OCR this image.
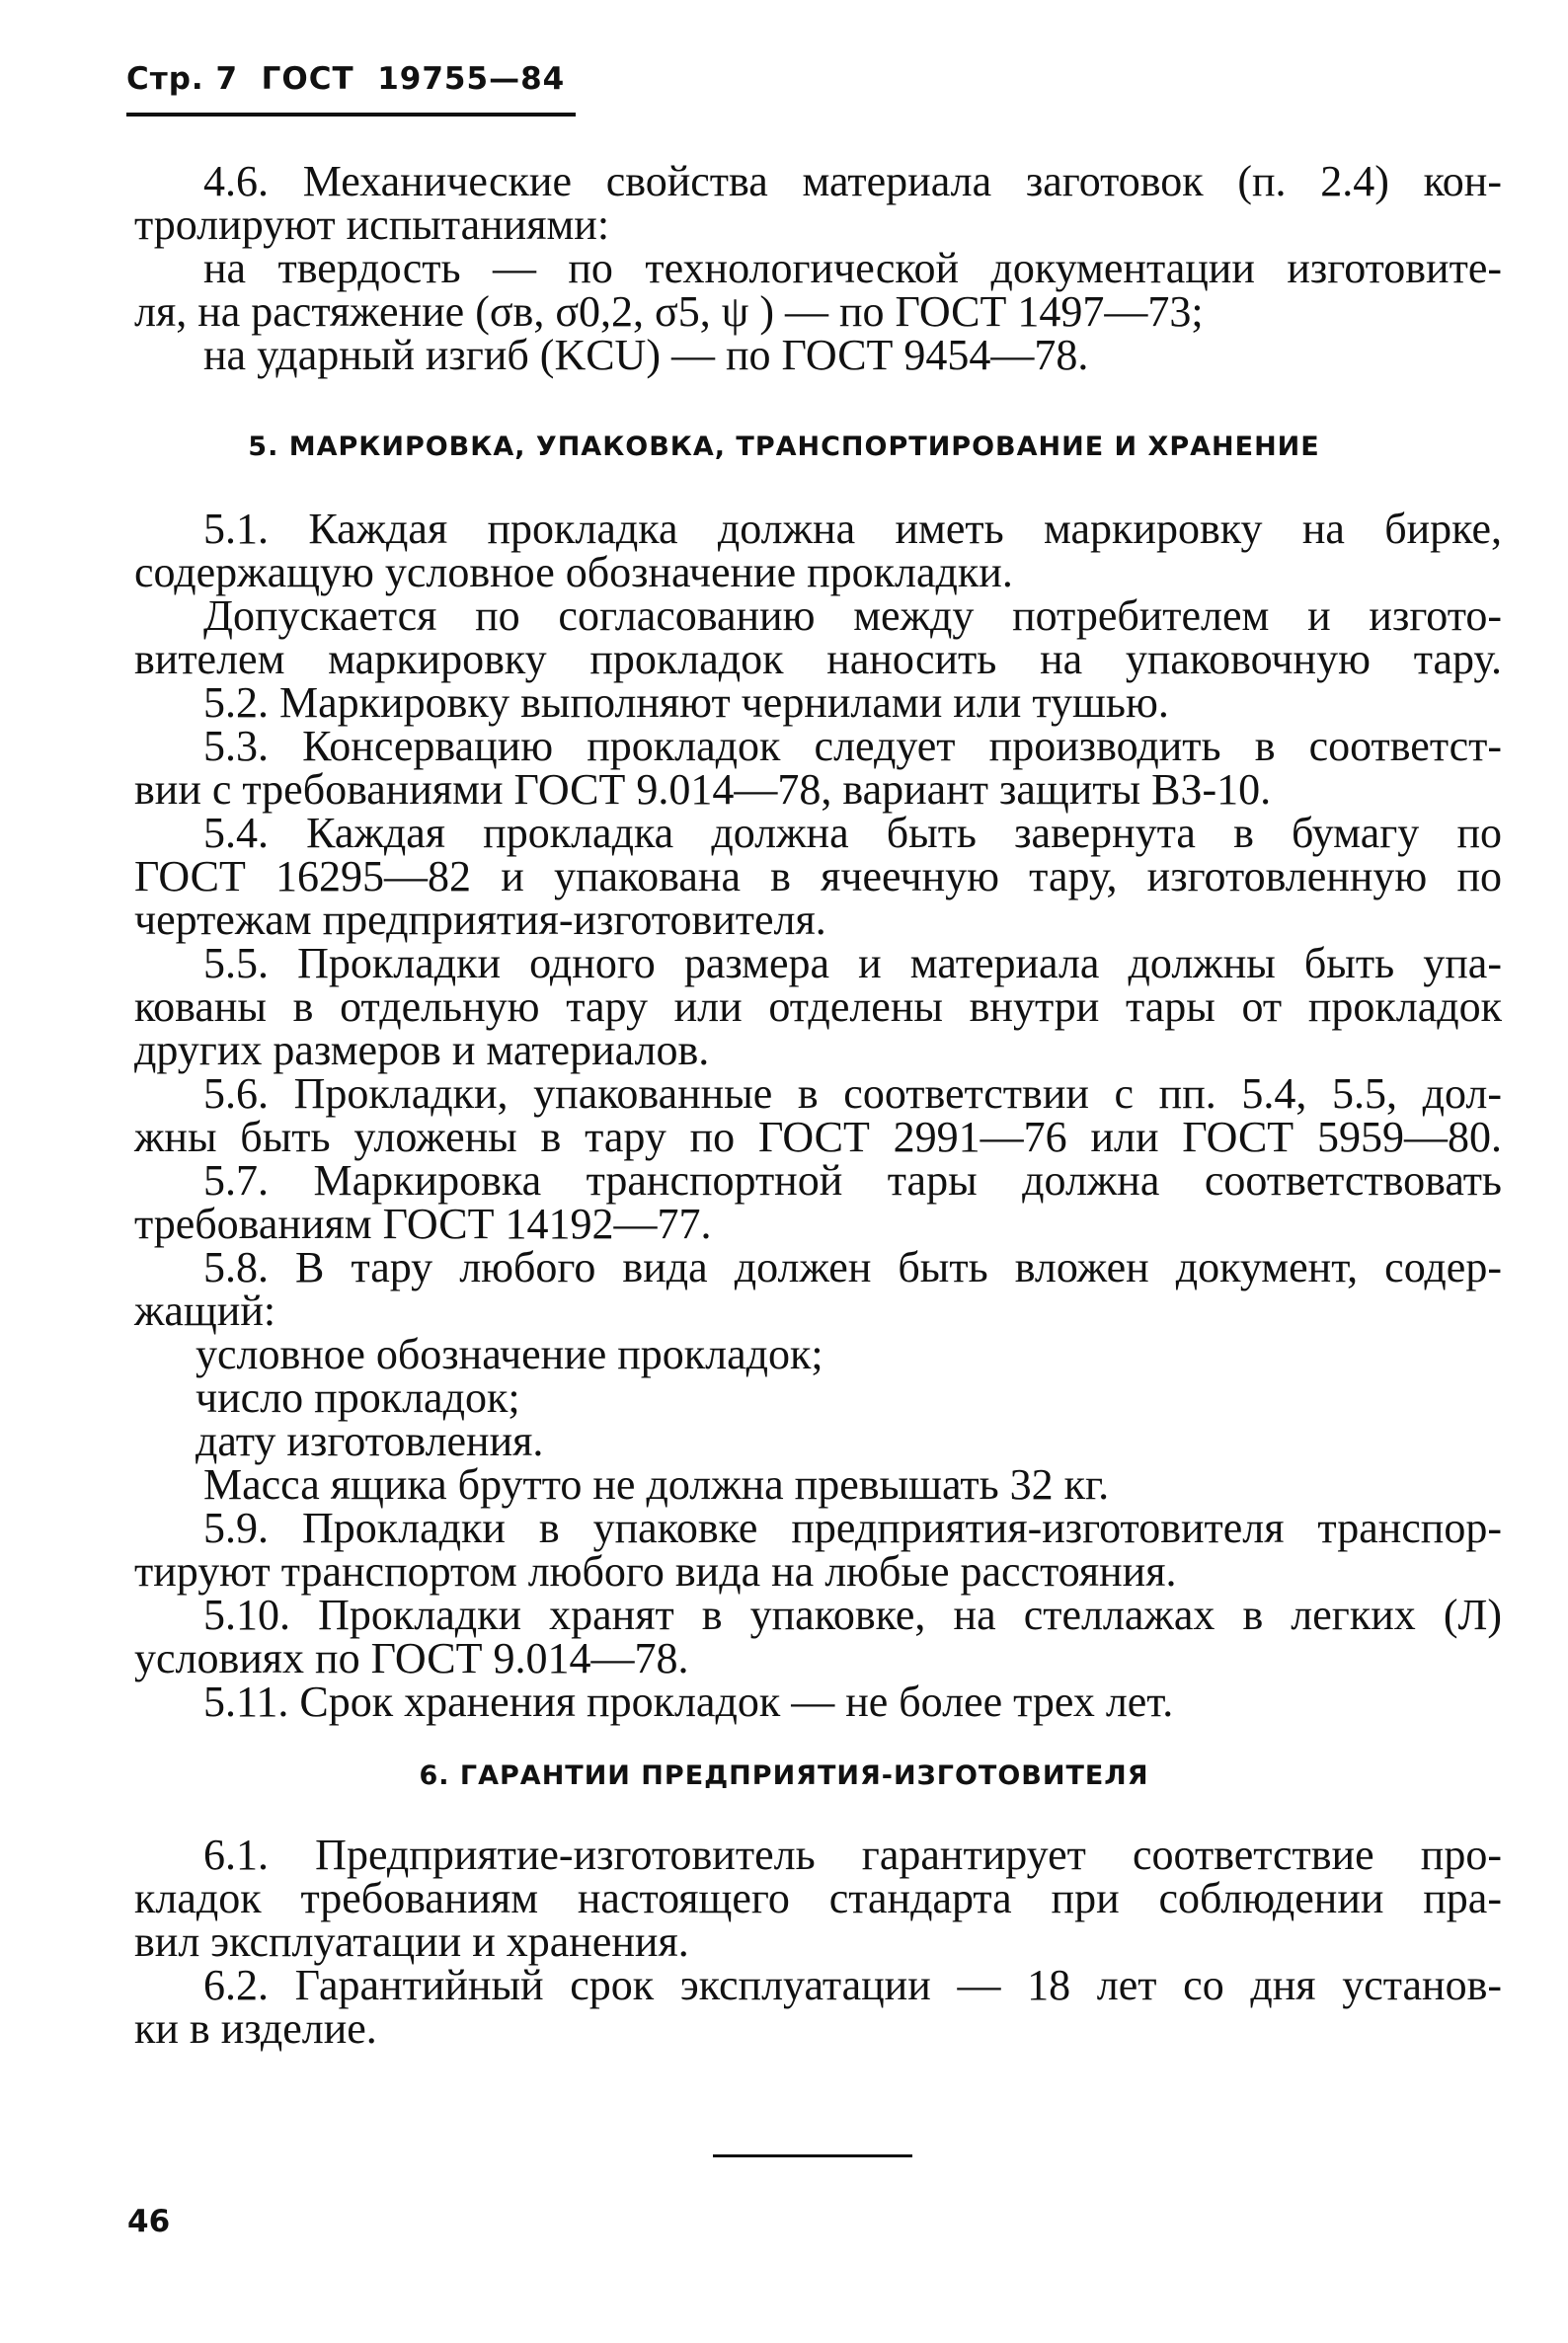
Стр. 7  ГОСТ  19755—84
4.6. Механические свойства материала заготовок (п. 2.4) кон-
тролируют испытаниями:
на твердость — по технологической документации изготовите-
ля, на растяжение (σв, σ0,2, σ5, ψ ) — по ГОСТ 1497—73;
на ударный изгиб (KCU) — по ГОСТ 9454—78.
5. МАРКИРОВКА, УПАКОВКА, ТРАНСПОРТИРОВАНИЕ И ХРАНЕНИЕ
5.1. Каждая прокладка должна иметь маркировку на бирке,
содержащую условное обозначение прокладки.
Допускается по согласованию между потребителем и изгото-
вителем маркировку прокладок наносить на упаковочную тару.
5.2. Маркировку выполняют чернилами или тушью.
5.3. Консервацию прокладок следует производить в соответст-
вии с требованиями ГОСТ 9.014—78, вариант защиты ВЗ-10.
5.4. Каждая прокладка должна быть завернута в бумагу по
ГОСТ 16295—82 и упакована в ячеечную тару, изготовленную по
чертежам предприятия-изготовителя.
5.5. Прокладки одного размера и материала должны быть упа-
кованы в отдельную тару или отделены внутри тары от прокладок
других размеров и материалов.
5.6. Прокладки, упакованные в соответствии с пп. 5.4, 5.5, дол-
жны быть уложены в тару по ГОСТ 2991—76 или ГОСТ 5959—80.
5.7. Маркировка транспортной тары должна соответствовать
требованиям ГОСТ 14192—77.
5.8. В тару любого вида должен быть вложен документ, содер-
жащий:
условное обозначение прокладок;
число прокладок;
дату изготовления.
Масса ящика брутто не должна превышать 32 кг.
5.9. Прокладки в упаковке предприятия-изготовителя транспор-
тируют транспортом любого вида на любые расстояния.
5.10. Прокладки хранят в упаковке, на стеллажах в легких (Л)
условиях по ГОСТ 9.014—78.
5.11. Срок хранения прокладок — не более трех лет.
6. ГАРАНТИИ ПРЕДПРИЯТИЯ-ИЗГОТОВИТЕЛЯ
6.1. Предприятие-изготовитель гарантирует соответствие про-
кладок требованиям настоящего стандарта при соблюдении пра-
вил эксплуатации и хранения.
6.2. Гарантийный срок эксплуатации — 18 лет со дня установ-
ки в изделие.
46
